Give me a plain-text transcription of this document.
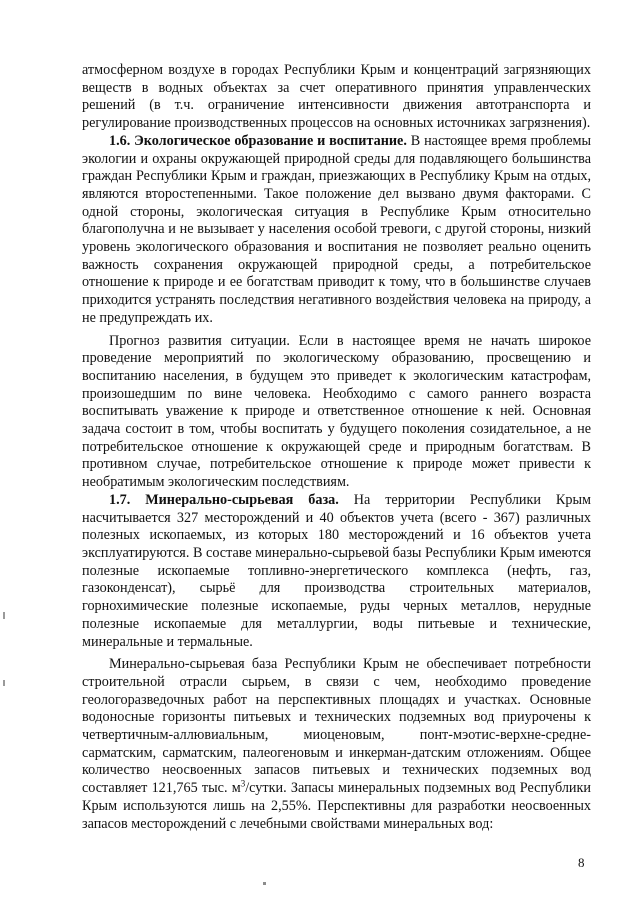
атмосферном воздухе в городах Республики Крым и концентраций загрязняющих веществ в водных объектах за счет оперативного принятия управленческих решений (в т.ч. ограничение интенсивности движения автотранспорта и регулирование производственных процессов на основных источниках загрязнения).

1.6. Экологическое образование и воспитание. В настоящее время проблемы экологии и охраны окружающей природной среды для подавляющего большинства граждан Республики Крым и граждан, приезжающих в Республику Крым на отдых, являются второстепенными. Такое положение дел вызвано двумя факторами. С одной стороны, экологическая ситуация в Республике Крым относительно благополучна и не вызывает у населения особой тревоги, с другой стороны, низкий уровень экологического образования и воспитания не позволяет реально оценить важность сохранения окружающей природной среды, а потребительское отношение к природе и ее богатствам приводит к тому, что в большинстве случаев приходится устранять последствия негативного воздействия человека на природу, а не предупреждать их.

Прогноз развития ситуации. Если в настоящее время не начать широкое проведение мероприятий по экологическому образованию, просвещению и воспитанию населения, в будущем это приведет к экологическим катастрофам, произошедшим по вине человека. Необходимо с самого раннего возраста воспитывать уважение к природе и ответственное отношение к ней. Основная задача состоит в том, чтобы воспитать у будущего поколения созидательное, а не потребительское отношение к окружающей среде и природным богатствам. В противном случае, потребительское отношение к природе может привести к необратимым экологическим последствиям.

1.7. Минерально-сырьевая база. На территории Республики Крым насчитывается 327 месторождений и 40 объектов учета (всего - 367) различных полезных ископаемых, из которых 180 месторождений и 16 объектов учета эксплуатируются. В составе минерально-сырьевой базы Республики Крым имеются полезные ископаемые топливно-энергетического комплекса (нефть, газ, газоконденсат), сырьё для производства строительных материалов, горнохимические полезные ископаемые, руды черных металлов, нерудные полезные ископаемые для металлургии, воды питьевые и технические, минеральные и термальные.

Минерально-сырьевая база Республики Крым не обеспечивает потребности строительной отрасли сырьем, в связи с чем, необходимо проведение геологоразведочных работ на перспективных площадях и участках. Основные водоносные горизонты питьевых и технических подземных вод приурочены к четвертичным-аллювиальным, миоценовым, понт-мэотис-верхне-средне-сарматским, сарматским, палеогеновым и инкерман-датским отложениям. Общее количество неосвоенных запасов питьевых и технических подземных вод составляет 121,765 тыс. $м^3$/сутки. Запасы минеральных подземных вод Республики Крым используются лишь на 2,55%. Перспективны для разработки неосвоенных запасов месторождений с лечебными свойствами минеральных вод:

8
